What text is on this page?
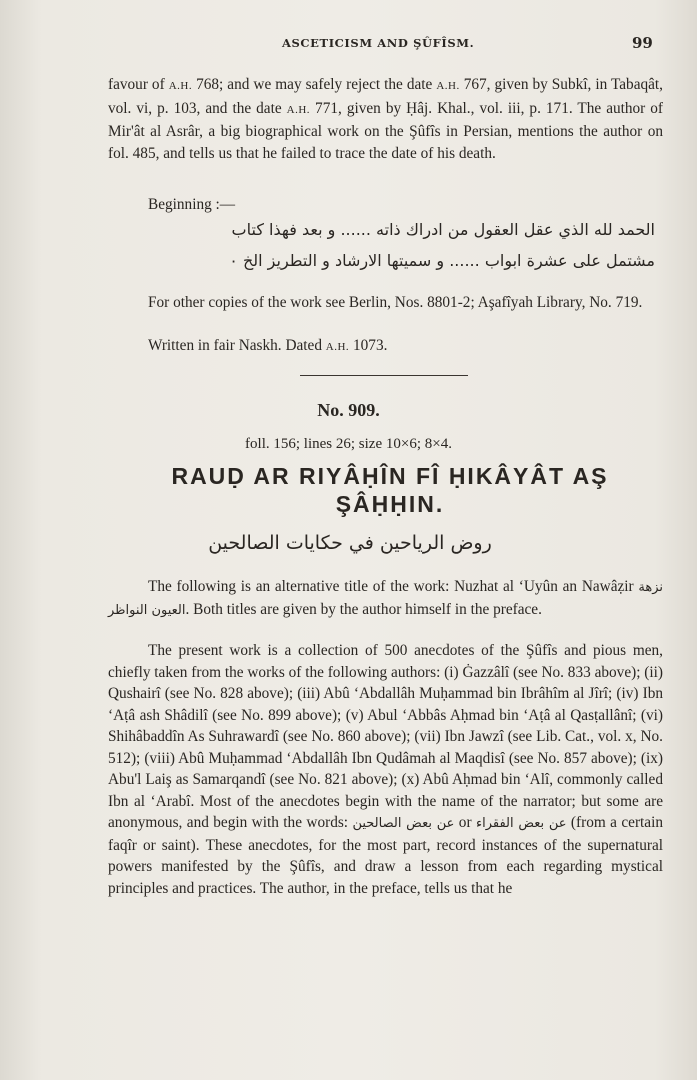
ASCETICISM AND ŞÛFÎSM.	99
favour of A.H. 768; and we may safely reject the date A.H. 767, given by Subkî, in Tabaqât, vol. vi, p. 103, and the date A.H. 771, given by Ḥâj. Khal., vol. iii, p. 171. The author of Mir'ât al Asrâr, a big biographical work on the Şûfîs in Persian, mentions the author on fol. 485, and tells us that he failed to trace the date of his death.
Beginning :—
الحمد لله الذي عقل العقول من ادراك ذاته ...... و بعد فهذا كتاب
مشتمل على عشرة ابواب ...... و سميتها الارشاد و التطريز الخ ٠
For other copies of the work see Berlin, Nos. 8801-2; Aşafîyah Library, No. 719.
Written in fair Naskh. Dated A.H. 1073.
No. 909.
foll. 156; lines 26; size 10×6; 8×4.
RAUḌ AR RIYÂḤÎN FÎ ḤIKÂYÂT AŞ
ŞÂḤḤIN.
روض الرياحين في حكايات الصالحين
The following is an alternative title of the work: Nuzhat al ‘Uyûn an Nawâẓir نزهة العيون النواظر. Both titles are given by the author himself in the preface.
The present work is a collection of 500 anecdotes of the Şûfîs and pious men, chiefly taken from the works of the following authors: (i) Ġazzâlî (see No. 833 above); (ii) Qushairî (see No. 828 above); (iii) Abû ‘Abdallâh Muḥammad bin Ibrâhîm al Jîrî; (iv) Ibn ‘Aṭâ ash Shâdilî (see No. 899 above); (v) Abul ‘Abbâs Aḥmad bin ‘Aṭâ al Qasṭallânî; (vi) Shihâbaddîn As Suhrawardî (see No. 860 above); (vii) Ibn Jawzî (see Lib. Cat., vol. x, No. 512); (viii) Abû Muḥammad ‘Abdallâh Ibn Qudâmah al Maqdisî (see No. 857 above); (ix) Abu'l Laiş as Samarqandî (see No. 821 above); (x) Abû Aḥmad bin ‘Alî, commonly called Ibn al ‘Arabî. Most of the anecdotes begin with the name of the narrator; but some are anonymous, and begin with the words: عن بعض الصالحين or عن بعض الفقراء (from a certain faqîr or saint). These anecdotes, for the most part, record instances of the supernatural powers manifested by the Şûfîs, and draw a lesson from each regarding mystical principles and practices. The author, in the preface, tells us that he
